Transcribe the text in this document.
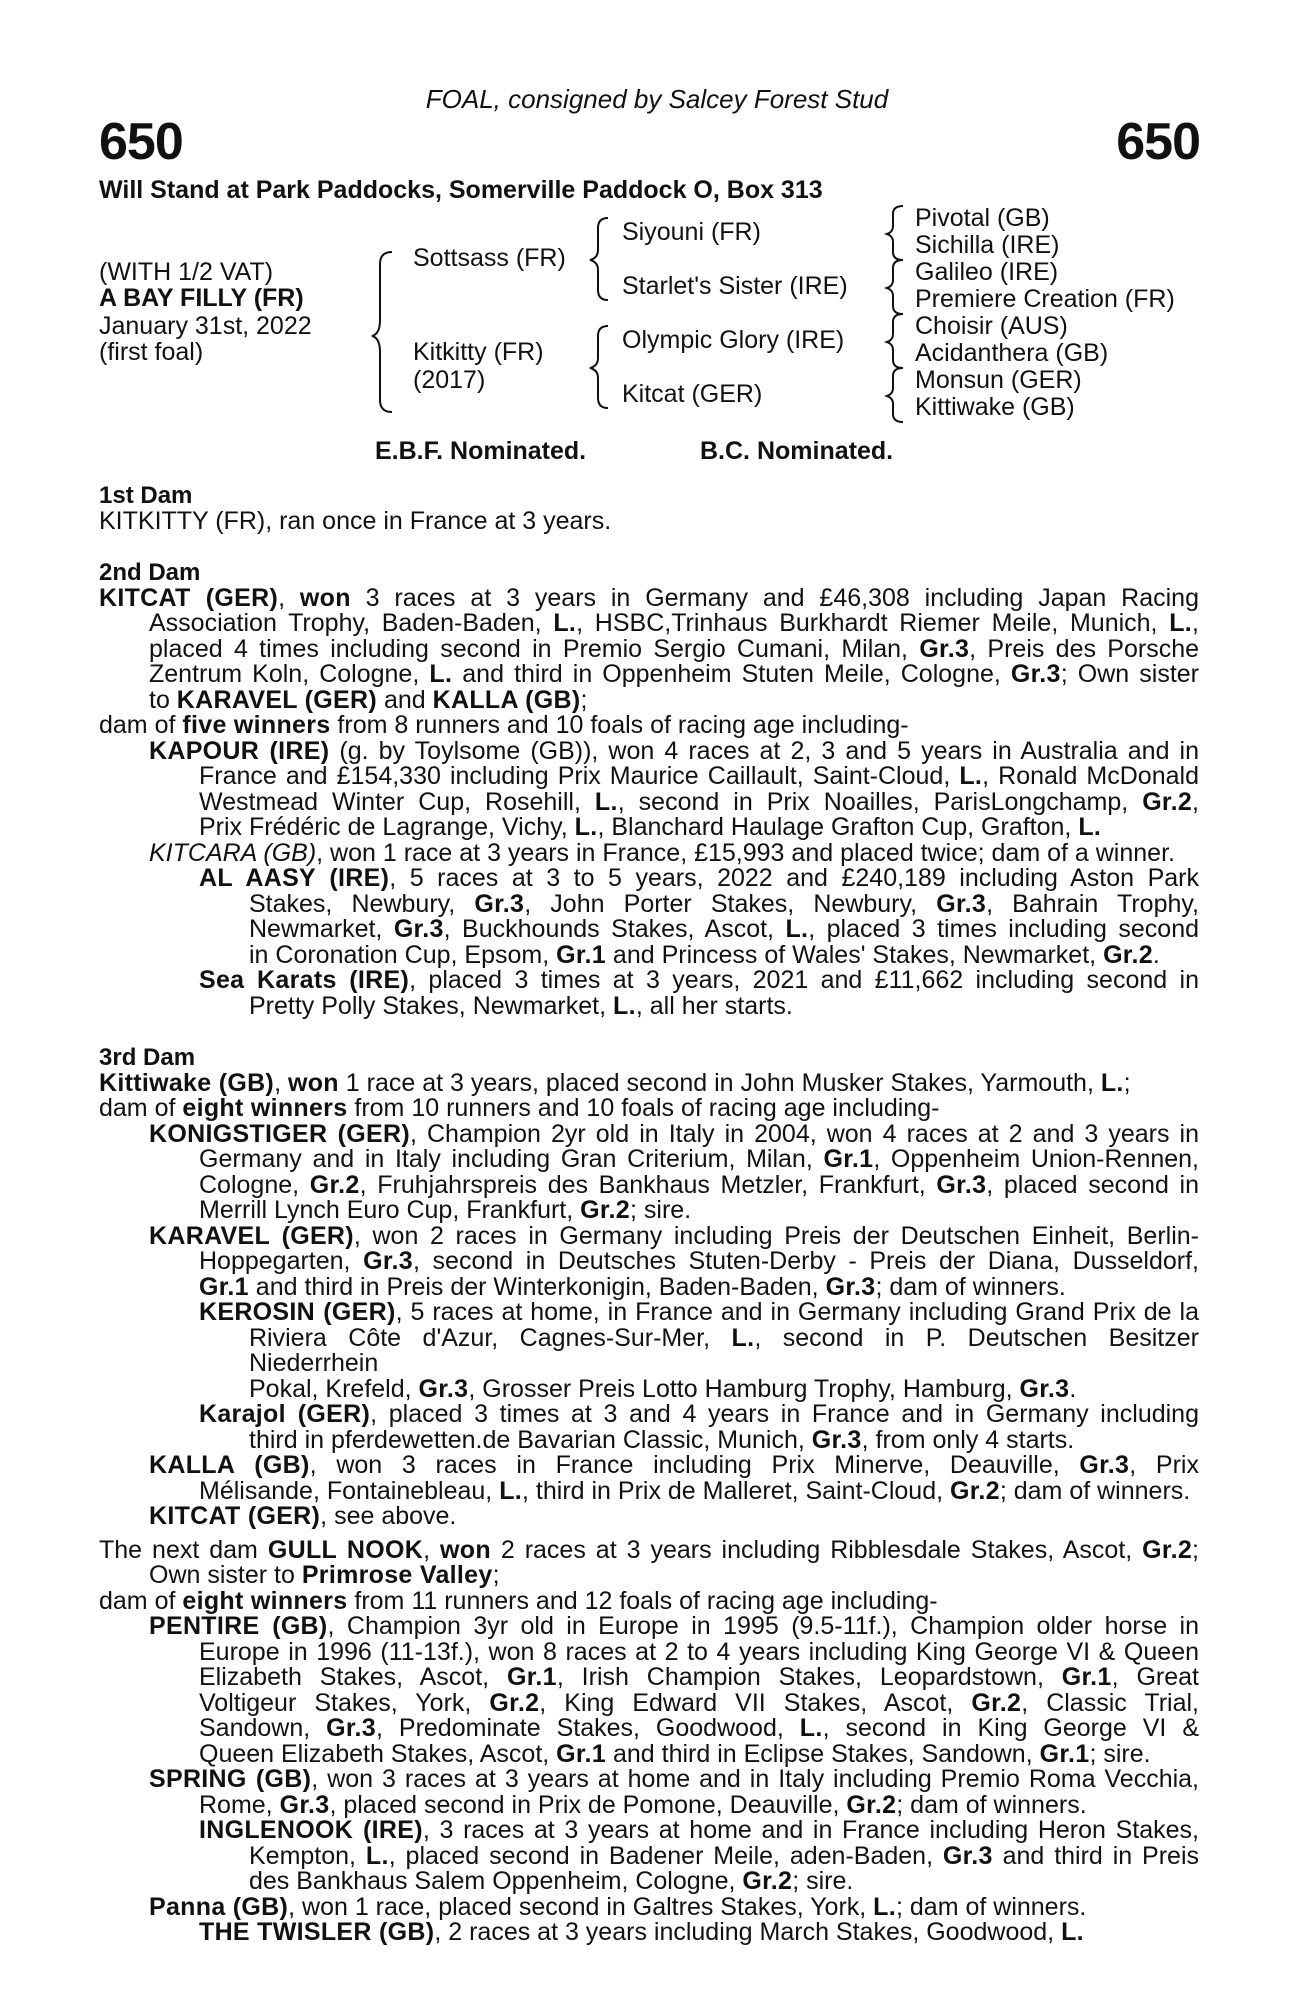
FOAL, consigned by Salcey Forest Stud
650	650
Will Stand at Park Paddocks, Somerville Paddock O, Box 313
(WITH 1/2 VAT)
A BAY FILLY (FR)
January 31st, 2022
(first foal)
Sottsass (FR)
Kitkitty (FR)
(2017)
Siyouni (FR)
Starlet's Sister (IRE)
Olympic Glory (IRE)
Kitcat (GER)
Pivotal (GB)
Sichilla (IRE)
Galileo (IRE)
Premiere Creation (FR)
Choisir (AUS)
Acidanthera (GB)
Monsun (GER)
Kittiwake (GB)
E.B.F. Nominated.	B.C. Nominated.
1st Dam
KITKITTY (FR), ran once in France at 3 years.
2nd Dam
KITCAT (GER), won 3 races at 3 years in Germany and £46,308 including Japan Racing
Association Trophy, Baden-Baden, L., HSBC,Trinhaus Burkhardt Riemer Meile, Munich, L.,
placed 4 times including second in Premio Sergio Cumani, Milan, Gr.3, Preis des Porsche
Zentrum Koln, Cologne, L. and third in Oppenheim Stuten Meile, Cologne, Gr.3; Own sister
to KARAVEL (GER) and KALLA (GB);
dam of five winners from 8 runners and 10 foals of racing age including-
KAPOUR (IRE) (g. by Toylsome (GB)), won 4 races at 2, 3 and 5 years in Australia and in
France and £154,330 including Prix Maurice Caillault, Saint-Cloud, L., Ronald McDonald
Westmead Winter Cup, Rosehill, L., second in Prix Noailles, ParisLongchamp, Gr.2,
Prix Frédéric de Lagrange, Vichy, L., Blanchard Haulage Grafton Cup, Grafton, L.
KITCARA (GB), won 1 race at 3 years in France, £15,993 and placed twice; dam of a winner.
AL AASY (IRE), 5 races at 3 to 5 years, 2022 and £240,189 including Aston Park
Stakes, Newbury, Gr.3, John Porter Stakes, Newbury, Gr.3, Bahrain Trophy,
Newmarket, Gr.3, Buckhounds Stakes, Ascot, L., placed 3 times including second
in Coronation Cup, Epsom, Gr.1 and Princess of Wales' Stakes, Newmarket, Gr.2.
Sea Karats (IRE), placed 3 times at 3 years, 2021 and £11,662 including second in
Pretty Polly Stakes, Newmarket, L., all her starts.
3rd Dam
Kittiwake (GB), won 1 race at 3 years, placed second in John Musker Stakes, Yarmouth, L.;
dam of eight winners from 10 runners and 10 foals of racing age including-
KONIGSTIGER (GER), Champion 2yr old in Italy in 2004, won 4 races at 2 and 3 years in
Germany and in Italy including Gran Criterium, Milan, Gr.1, Oppenheim Union-Rennen,
Cologne, Gr.2, Fruhjahrspreis des Bankhaus Metzler, Frankfurt, Gr.3, placed second in
Merrill Lynch Euro Cup, Frankfurt, Gr.2; sire.
KARAVEL (GER), won 2 races in Germany including Preis der Deutschen Einheit, Berlin-
Hoppegarten, Gr.3, second in Deutsches Stuten-Derby - Preis der Diana, Dusseldorf,
Gr.1 and third in Preis der Winterkonigin, Baden-Baden, Gr.3; dam of winners.
KEROSIN (GER), 5 races at home, in France and in Germany including Grand Prix de la
Riviera Côte d'Azur, Cagnes-Sur-Mer, L., second in P. Deutschen Besitzer Niederrhein
Pokal, Krefeld, Gr.3, Grosser Preis Lotto Hamburg Trophy, Hamburg, Gr.3.
Karajol (GER), placed 3 times at 3 and 4 years in France and in Germany including
third in pferdewetten.de Bavarian Classic, Munich, Gr.3, from only 4 starts.
KALLA (GB), won 3 races in France including Prix Minerve, Deauville, Gr.3, Prix
Mélisande, Fontainebleau, L., third in Prix de Malleret, Saint-Cloud, Gr.2; dam of winners.
KITCAT (GER), see above.
The next dam GULL NOOK, won 2 races at 3 years including Ribblesdale Stakes, Ascot, Gr.2;
Own sister to Primrose Valley;
dam of eight winners from 11 runners and 12 foals of racing age including-
PENTIRE (GB), Champion 3yr old in Europe in 1995 (9.5-11f.), Champion older horse in
Europe in 1996 (11-13f.), won 8 races at 2 to 4 years including King George VI & Queen
Elizabeth Stakes, Ascot, Gr.1, Irish Champion Stakes, Leopardstown, Gr.1, Great
Voltigeur Stakes, York, Gr.2, King Edward VII Stakes, Ascot, Gr.2, Classic Trial,
Sandown, Gr.3, Predominate Stakes, Goodwood, L., second in King George VI &
Queen Elizabeth Stakes, Ascot, Gr.1 and third in Eclipse Stakes, Sandown, Gr.1; sire.
SPRING (GB), won 3 races at 3 years at home and in Italy including Premio Roma Vecchia,
Rome, Gr.3, placed second in Prix de Pomone, Deauville, Gr.2; dam of winners.
INGLENOOK (IRE), 3 races at 3 years at home and in France including Heron Stakes,
Kempton, L., placed second in Badener Meile, aden-Baden, Gr.3 and third in Preis
des Bankhaus Salem Oppenheim, Cologne, Gr.2; sire.
Panna (GB), won 1 race, placed second in Galtres Stakes, York, L.; dam of winners.
THE TWISLER (GB), 2 races at 3 years including March Stakes, Goodwood, L.
